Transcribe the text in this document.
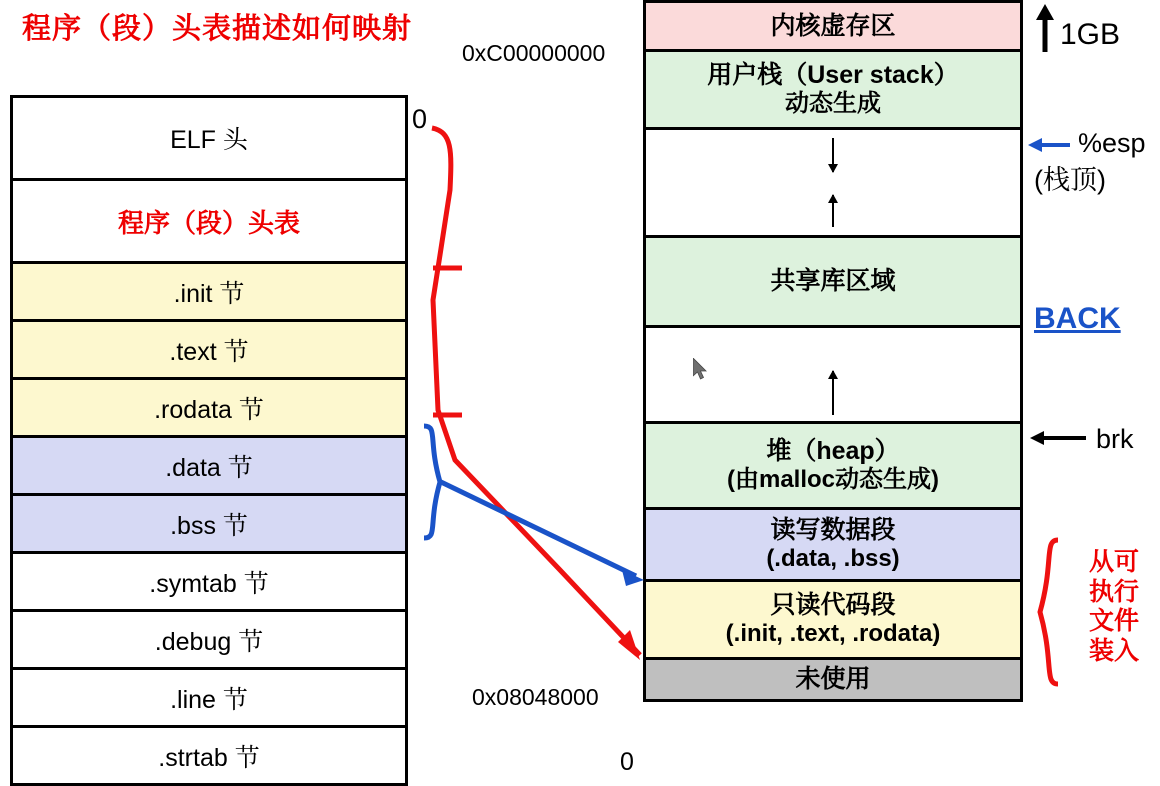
程序（段）头表描述如何映射
ELF 头
程序（段）头表
.init 节
.text 节
.rodata 节
.data 节
.bss 节
.symtab 节
.debug 节
.line 节
.strtab 节
0
0xC00000000
0x08048000
0
内核虚存区
用户栈（User stack）
动态生成
共享库区域
堆（heap）
(由malloc动态生成)
读写数据段
(.data, .bss)
只读代码段
(.init, .text, .rodata)
未使用
1GB
%esp
(栈顶)
BACK
brk
从可执行文件装入
